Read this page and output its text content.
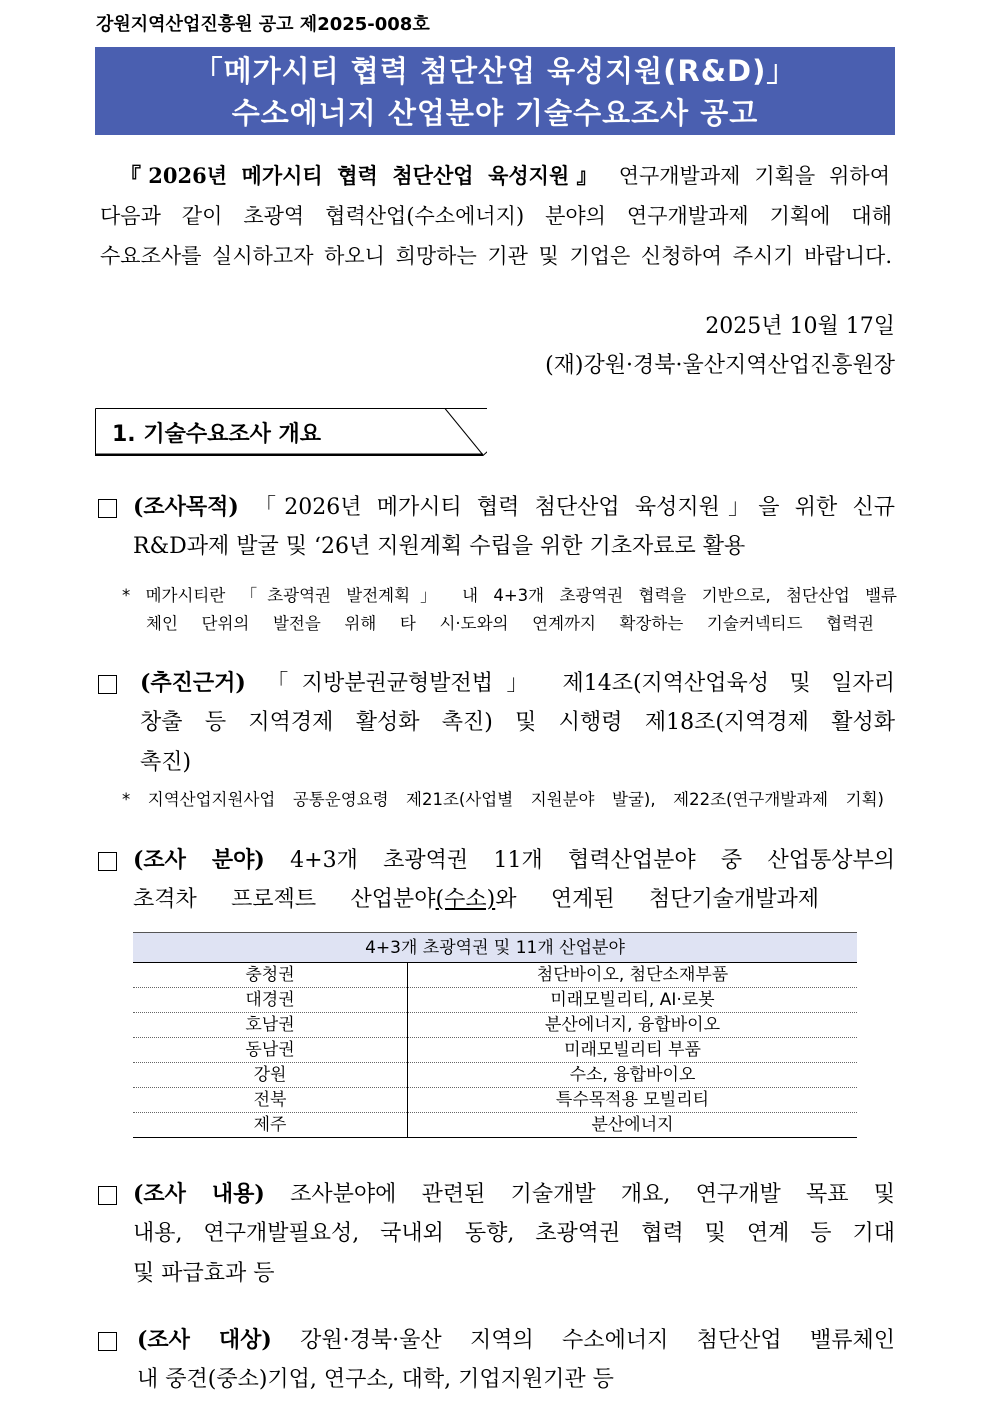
강원지역산업진흥원 공고 제2025-008호
「메가시티 협력 첨단산업 육성지원(R&D)」
수소에너지 산업분야 기술수요조사 공고
『2026년 메가시티 협력 첨단산업 육성지원』 연구개발과제 기획을 위하여
다음과 같이 초광역 협력산업(수소에너지) 분야의 연구개발과제 기획에 대해
수요조사를 실시하고자 하오니 희망하는 기관 및 기업은 신청하여 주시기 바랍니다.
2025년 10월 17일
(재)강원·경북·울산지역산업진흥원장
1. 기술수요조사 개요
(조사목적) 「2026년 메가시티 협력 첨단산업 육성지원」을 위한 신규
R&D과제 발굴 및 ‘26년 지원계획 수립을 위한 기초자료로 활용
* 메가시티란 「초광역권 발전계획」 내 4+3개 초광역권 협력을 기반으로, 첨단산업 밸류
체인 단위의 발전을 위해 타 시·도와의 연계까지 확장하는 기술커넥티드 협력권
(추진근거) 「지방분권균형발전법」 제14조(지역산업육성 및 일자리
창출 등 지역경제 활성화 촉진) 및 시행령 제18조(지역경제 활성화
촉진)
* 지역산업지원사업 공통운영요령 제21조(사업별 지원분야 발굴), 제22조(연구개발과제 기획)
(조사 분야) 4+3개 초광역권 11개 협력산업분야 중 산업통상부의
초격차 프로젝트 산업분야(수소)와 연계된 첨단기술개발과제
4+3개 초광역권 및 11개 산업분야	
충청권	첨단바이오, 첨단소재부품
대경권	미래모빌리티, AI·로봇
호남권	분산에너지, 융합바이오
동남권	미래모빌리티 부품
강원	수소, 융합바이오
전북	특수목적용 모빌리티
제주	분산에너지
(조사 내용) 조사분야에 관련된 기술개발 개요, 연구개발 목표 및
내용, 연구개발필요성, 국내외 동향, 초광역권 협력 및 연계 등 기대
및 파급효과 등
(조사 대상) 강원·경북·울산 지역의 수소에너지 첨단산업 밸류체인
내 중견(중소)기업, 연구소, 대학, 기업지원기관 등
